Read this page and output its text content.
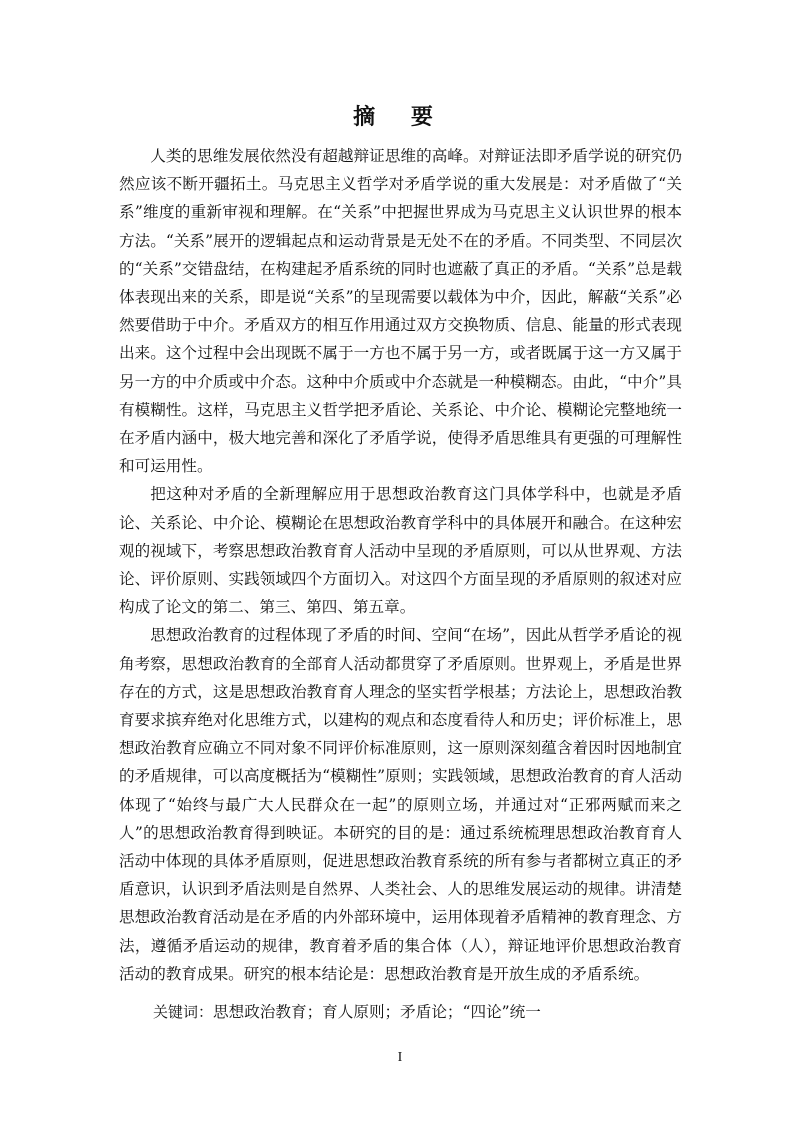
摘 要

人类的思维发展依然没有超越辩证思维的高峰。对辩证法即矛盾学说的研究仍然应该不断开疆拓土。马克思主义哲学对矛盾学说的重大发展是：对矛盾做了“关系”维度的重新审视和理解。在“关系”中把握世界成为马克思主义认识世界的根本方法。“关系”展开的逻辑起点和运动背景是无处不在的矛盾。不同类型、不同层次的“关系”交错盘结，在构建起矛盾系统的同时也遮蔽了真正的矛盾。“关系”总是载体表现出来的关系，即是说“关系”的呈现需要以载体为中介，因此，解蔽“关系”必然要借助于中介。矛盾双方的相互作用通过双方交换物质、信息、能量的形式表现出来。这个过程中会出现既不属于一方也不属于另一方，或者既属于这一方又属于另一方的中介质或中介态。这种中介质或中介态就是一种模糊态。由此，“中介”具有模糊性。这样，马克思主义哲学把矛盾论、关系论、中介论、模糊论完整地统一在矛盾内涵中，极大地完善和深化了矛盾学说，使得矛盾思维具有更强的可理解性和可运用性。

把这种对矛盾的全新理解应用于思想政治教育这门具体学科中，也就是矛盾论、关系论、中介论、模糊论在思想政治教育学科中的具体展开和融合。在这种宏观的视域下，考察思想政治教育育人活动中呈现的矛盾原则，可以从世界观、方法论、评价原则、实践领域四个方面切入。对这四个方面呈现的矛盾原则的叙述对应构成了论文的第二、第三、第四、第五章。

思想政治教育的过程体现了矛盾的时间、空间“在场”，因此从哲学矛盾论的视角考察，思想政治教育的全部育人活动都贯穿了矛盾原则。世界观上，矛盾是世界存在的方式，这是思想政治教育育人理念的坚实哲学根基；方法论上，思想政治教育要求摈弃绝对化思维方式，以建构的观点和态度看待人和历史；评价标准上，思想政治教育应确立不同对象不同评价标准原则，这一原则深刻蕴含着因时因地制宜的矛盾规律，可以高度概括为“模糊性”原则；实践领域，思想政治教育的育人活动体现了“始终与最广大人民群众在一起”的原则立场，并通过对“正邪两赋而来之人”的思想政治教育得到映证。本研究的目的是：通过系统梳理思想政治教育育人活动中体现的具体矛盾原则，促进思想政治教育系统的所有参与者都树立真正的矛盾意识，认识到矛盾法则是自然界、人类社会、人的思维发展运动的规律。讲清楚思想政治教育活动是在矛盾的内外部环境中，运用体现着矛盾精神的教育理念、方法，遵循矛盾运动的规律，教育着矛盾的集合体（人），辩证地评价思想政治教育活动的教育成果。研究的根本结论是：思想政治教育是开放生成的矛盾系统。

关键词：思想政治教育；育人原则；矛盾论；“四论”统一
I
